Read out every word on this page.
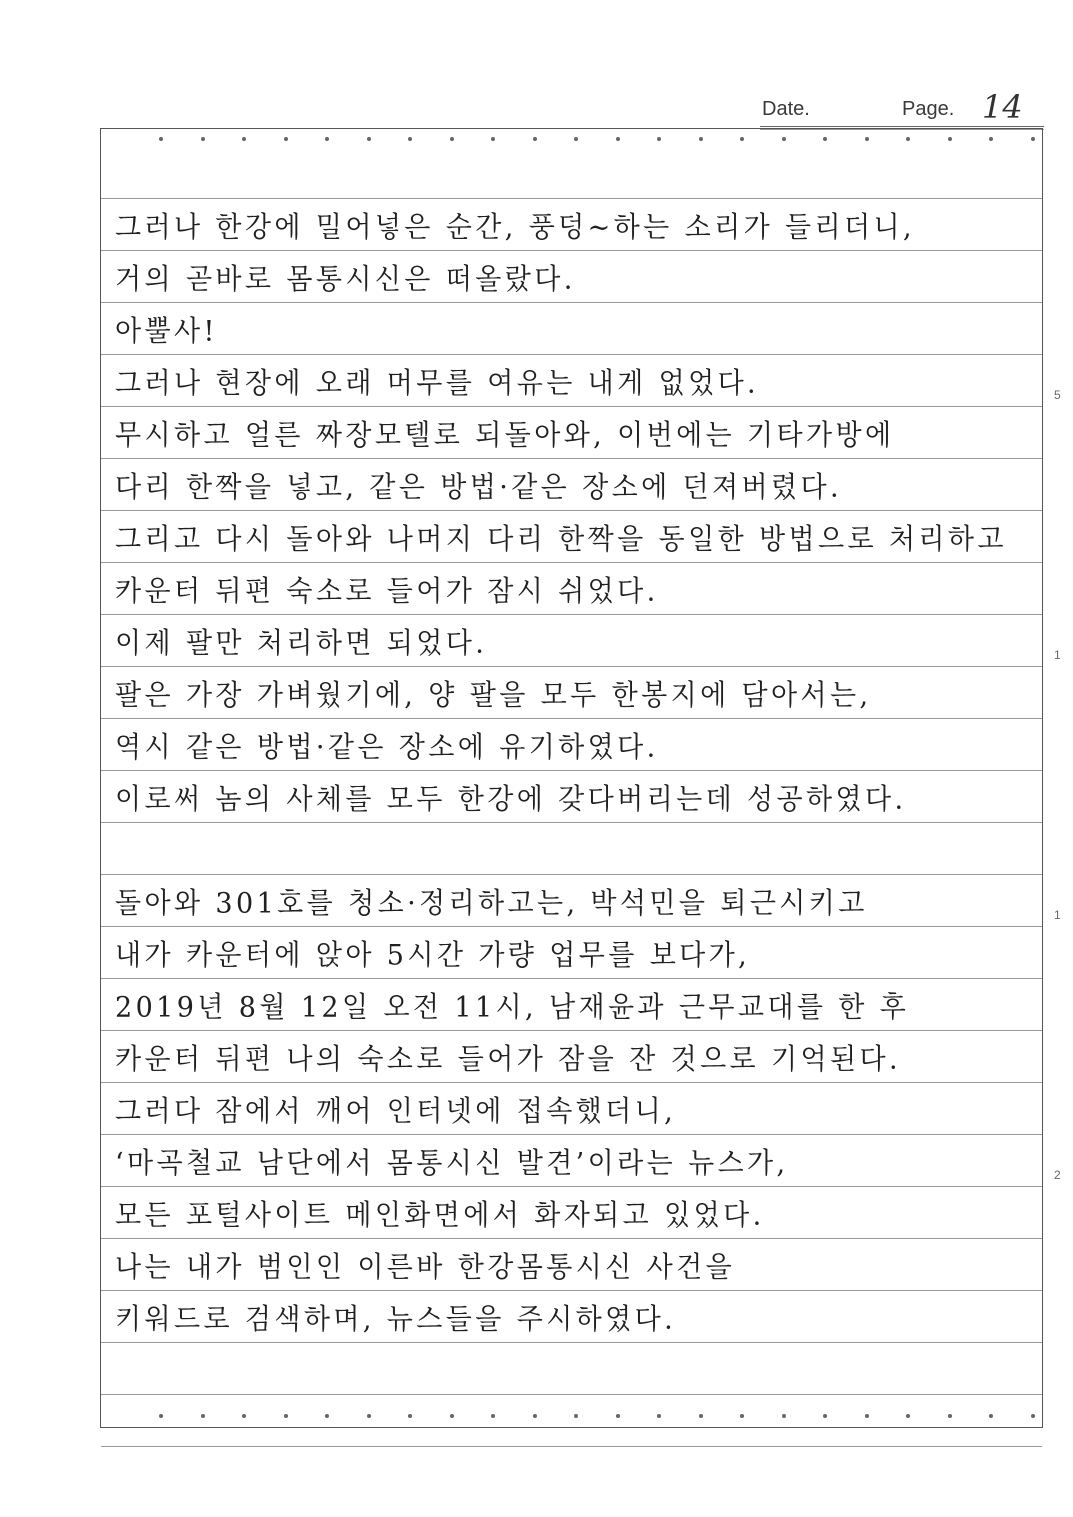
Date.	Page. 14
그러나 한강에 밀어넣은 순간, 풍덩~하는 소리가 들리더니,
거의 곧바로 몸통시신은 떠올랐다.
아뿔사!
그러나 현장에 오래 머무를 여유는 내게 없었다.
무시하고 얼른 짜장모텔로 되돌아와, 이번에는 기타가방에
다리 한짝을 넣고, 같은 방법·같은 장소에 던져버렸다.
그리고 다시 돌아와 나머지 다리 한짝을 동일한 방법으로 처리하고
카운터 뒤편 숙소로 들어가 잠시 쉬었다.
이제 팔만 처리하면 되었다.
팔은 가장 가벼웠기에, 양 팔을 모두 한봉지에 담아서는,
역시 같은 방법·같은 장소에 유기하였다.
이로써 놈의 사체를 모두 한강에 갖다버리는데 성공하였다.
돌아와 301호를 청소·정리하고는, 박석민을 퇴근시키고
내가 카운터에 앉아 5시간 가량 업무를 보다가,
2019년 8월 12일 오전 11시, 남재윤과 근무교대를 한 후
카운터 뒤편 나의 숙소로 들어가 잠을 잔 것으로 기억된다.
그러다 잠에서 깨어 인터넷에 접속했더니,
‘마곡철교 남단에서 몸통시신 발견’이라는 뉴스가,
모든 포털사이트 메인화면에서 화자되고 있었다.
나는 내가 범인인 이른바 한강몸통시신 사건을
키워드로 검색하며, 뉴스들을 주시하였다.
5
1
1
2
